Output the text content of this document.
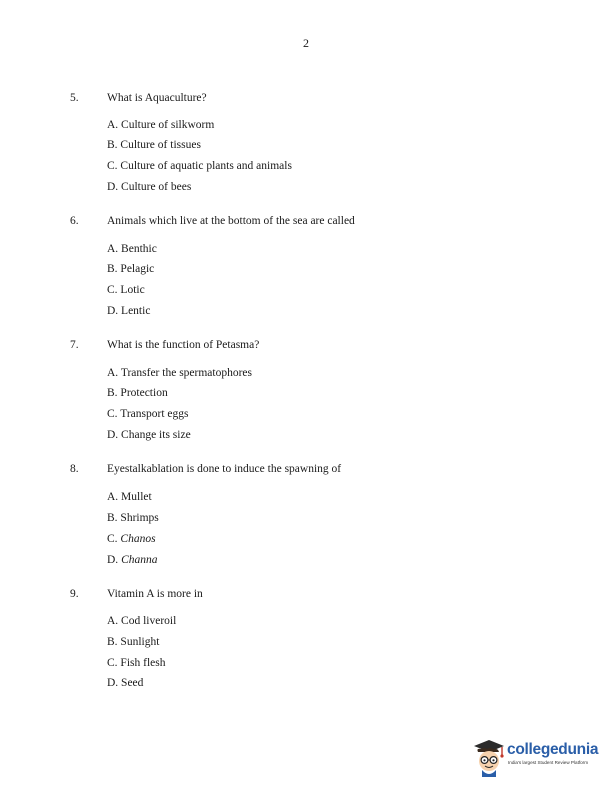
2
5. What is Aquaculture?
A. Culture of silkworm
B. Culture of tissues
C. Culture of aquatic plants and animals
D. Culture of bees
6. Animals which live at the bottom of the sea are called
A. Benthic
B. Pelagic
C. Lotic
D. Lentic
7. What is the function of Petasma?
A. Transfer the spermatophores
B. Protection
C. Transport eggs
D. Change its size
8. Eyestalkablation is done to induce the spawning of
A. Mullet
B. Shrimps
C. Chanos
D. Channa
9. Vitamin A is more in
A. Cod liveroil
B. Sunlight
C. Fish flesh
D. Seed
collegedunia
India's largest Student Review Platform
